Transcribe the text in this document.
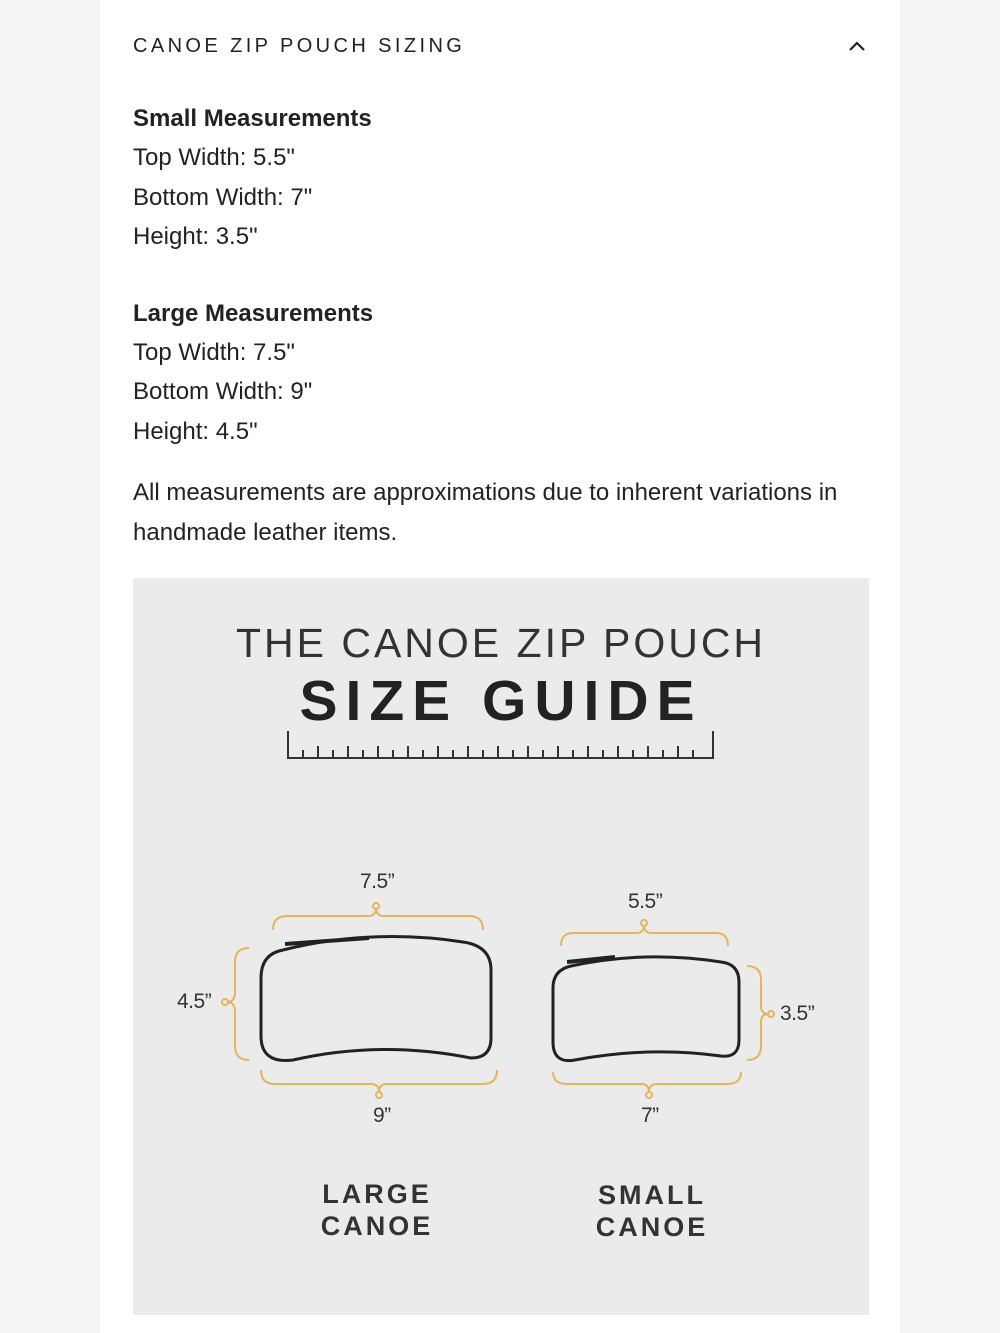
CANOE ZIP POUCH SIZING

Small Measurements

Top Width: 5.5"
Bottom Width: 7"
Height: 3.5"

Large Measurements

Top Width: 7.5"
Bottom Width: 9"
Height: 4.5"
All measurements are approximations due to inherent variations in handmade leather items.
7.5”
4.5”
9”
5.5”
3.5”
7”
LARGE
CANOE
SMALL
CANOE
THE CANOE ZIP POUCH
SIZE GUIDE
